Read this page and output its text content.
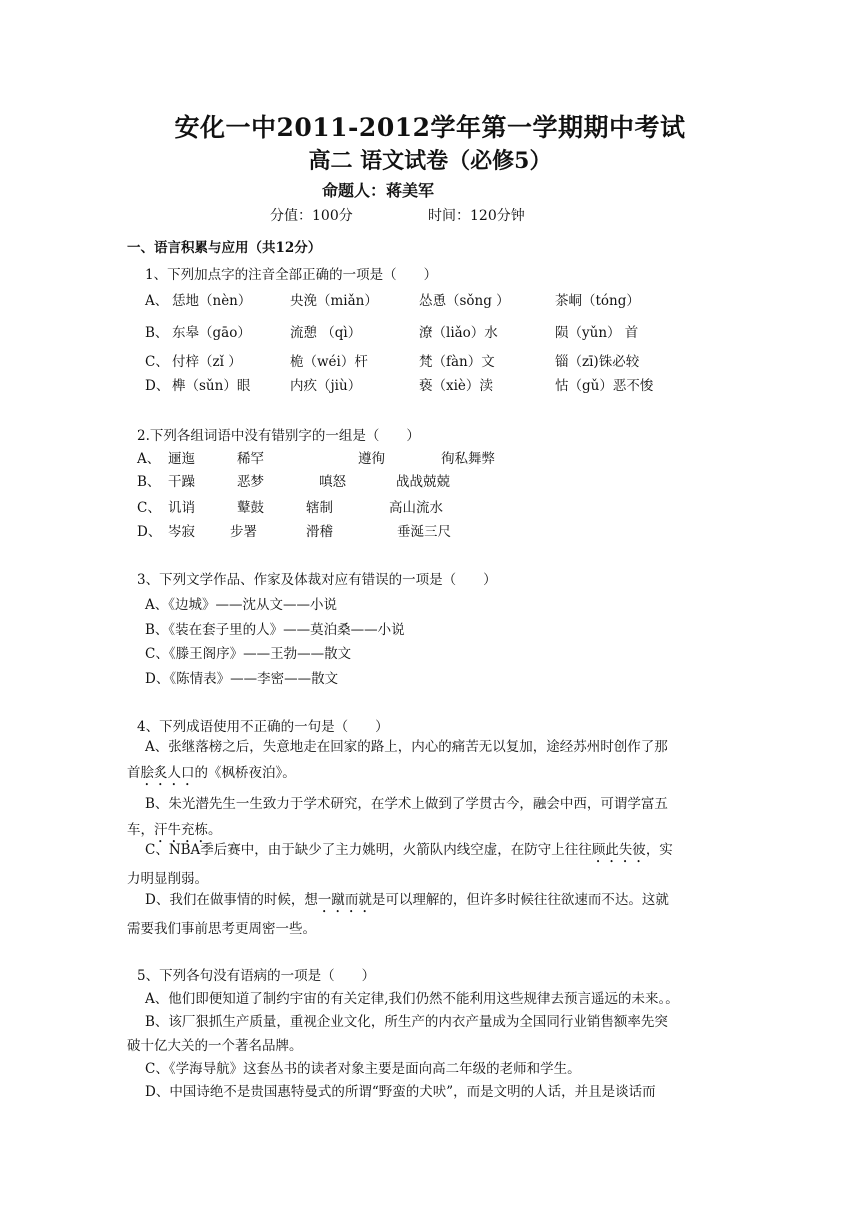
安化一中2011-2012学年第一学期期中考试
高二 语文试卷（必修5）
命题人：蒋美军
分值：100分	时间：120分钟
一、语言积累与应用（共12分）
1、下列加点字的注音全部正确的一项是（　　）
A、 恁地（nèn）	央浼（miǎn）	怂恿（sǒng ）	茶峒（tóng）
B、 东皋（gāo）	流憩 （qì）	潦（liǎo）水	陨（yǔn） 首
C、 付梓（zǐ ）	桅（wéi）杆	梵（fàn）文	锱（zī)铢必较
D、 榫（sǔn）眼	内疚（jiù）	亵（xiè）渎	怙（gǔ）恶不悛
2.下列各组词语中没有错别字的一组是（　　）
A、 逦迤	稀罕	遵徇	徇私舞弊
B、 干躁	恶梦	嗔怒	战战兢兢
C、 讥诮	鼙鼓	辖制	高山流水
D、 岑寂	步署	滑稽	垂涎三尺
3、下列文学作品、作家及体裁对应有错误的一项是（　　）
A、《边城》——沈从文——小说
B、《装在套子里的人》——莫泊桑——小说
C、《滕王阁序》——王勃——散文
D、《陈情表》——李密——散文
4、下列成语使用不正确的一句是（　　）
A、张继落榜之后，失意地走在回家的路上，内心的痛苦无以复加，途经苏州时创作了那
首脍炙人口的《枫桥夜泊》。
B、朱光潜先生一生致力于学术研究，在学术上做到了学贯古今，融会中西，可谓学富五
车，汗牛充栋。
C、NBA季后赛中，由于缺少了主力姚明，火箭队内线空虚，在防守上往往顾此失彼，实
力明显削弱。
D、我们在做事情的时候，想一蹴而就是可以理解的，但许多时候往往欲速而不达。这就
需要我们事前思考更周密一些。
5、下列各句没有语病的一项是（　　）
A、他们即便知道了制约宇宙的有关定律,我们仍然不能利用这些规律去预言遥远的未来。。
B、该厂狠抓生产质量，重视企业文化，所生产的内衣产量成为全国同行业销售额率先突
破十亿大关的一个著名品牌。
C、《学海导航》这套丛书的读者对象主要是面向高二年级的老师和学生。
D、中国诗绝不是贵国惠特曼式的所谓“野蛮的犬吠”，而是文明的人话，并且是谈话而
